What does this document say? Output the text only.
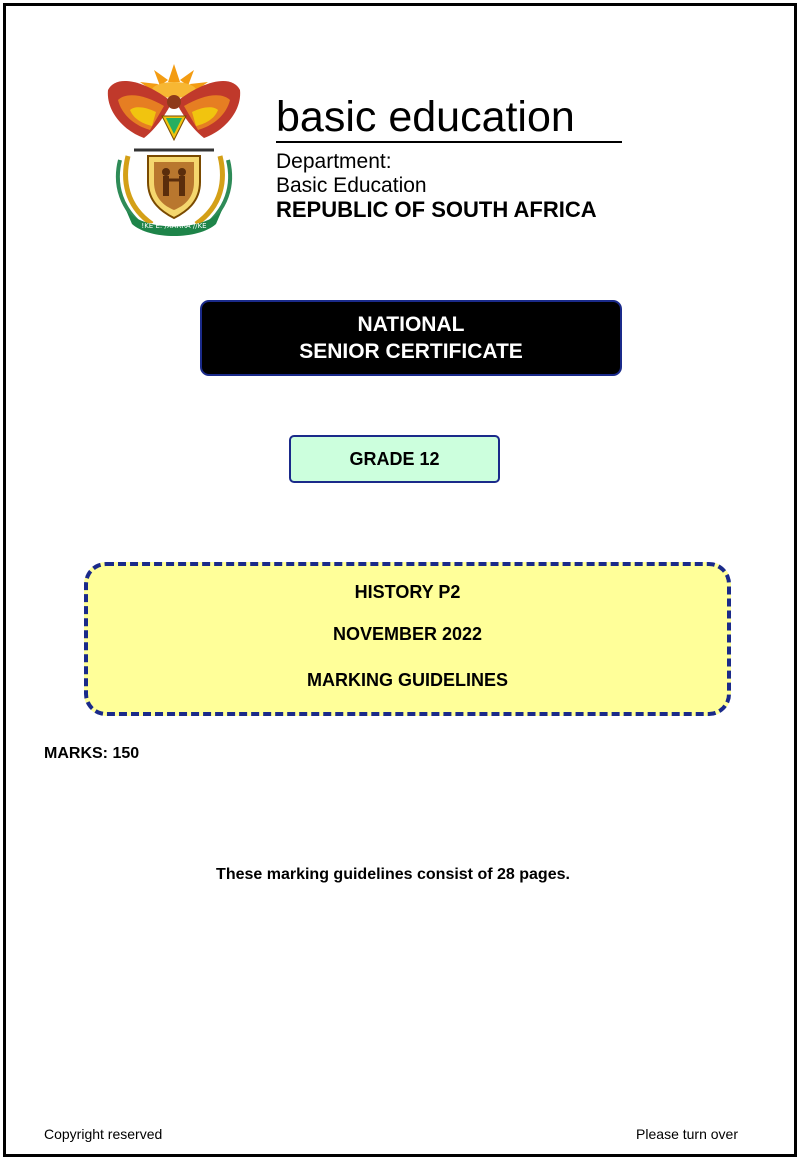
!KE E: /XARRA //KE
basic education
Department:
Basic Education
REPUBLIC OF SOUTH AFRICA
NATIONAL
SENIOR CERTIFICATE
GRADE 12
HISTORY P2
NOVEMBER 2022
MARKING GUIDELINES
MARKS: 150
These marking guidelines consist of 28 pages.
Copyright reserved	Please turn over
